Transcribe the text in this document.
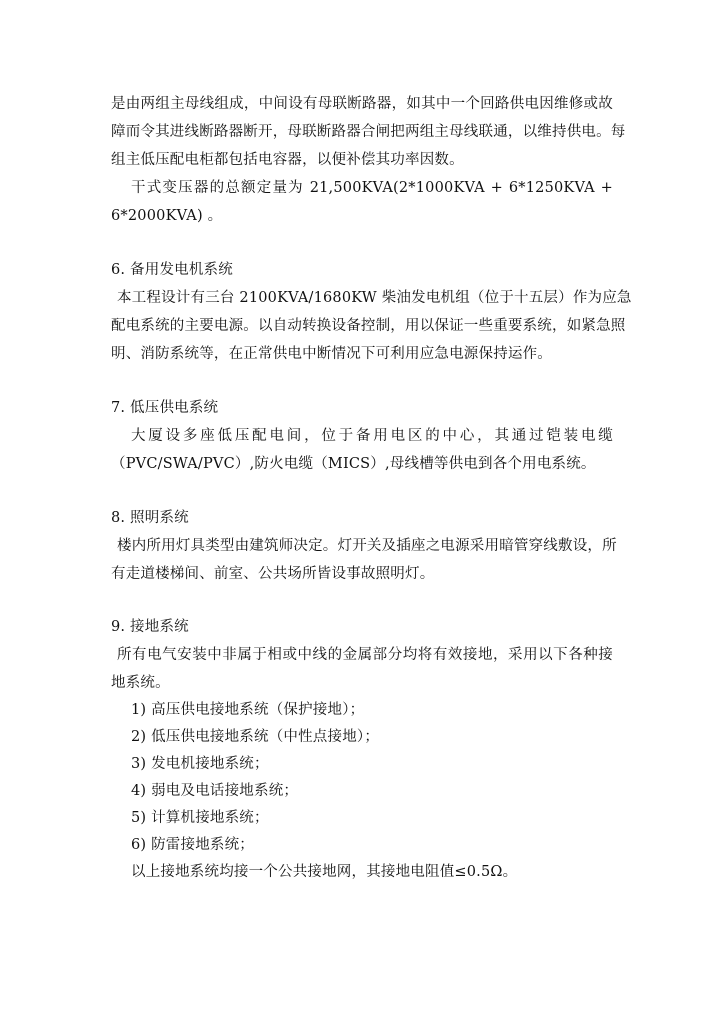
是由两组主母线组成，中间设有母联断路器，如其中一个回路供电因维修或故
障而令其进线断路器断开，母联断路器合闸把两组主母线联通，以维持供电。每
组主低压配电柜都包括电容器，以便补偿其功率因数。
干式变压器的总额定量为 21,500KVA(2*1000KVA + 6*1250KVA +
6*2000KVA) 。
6. 备用发电机系统
本工程设计有三台 2100KVA/1680KW 柴油发电机组（位于十五层）作为应急
配电系统的主要电源。以自动转换设备控制，用以保证一些重要系统，如紧急照
明、消防系统等，在正常供电中断情况下可利用应急电源保持运作。
7. 低压供电系统
大厦设多座低压配电间，位于备用电区的中心，其通过铠装电缆
（PVC/SWA/PVC）,防火电缆（MICS）,母线槽等供电到各个用电系统。
8. 照明系统
楼内所用灯具类型由建筑师决定。灯开关及插座之电源采用暗管穿线敷设，所
有走道楼梯间、前室、公共场所皆设事故照明灯。
9. 接地系统
所有电气安装中非属于相或中线的金属部分均将有效接地，采用以下各种接
地系统。
1) 高压供电接地系统（保护接地）；
2) 低压供电接地系统（中性点接地）；
3) 发电机接地系统；
4) 弱电及电话接地系统；
5) 计算机接地系统；
6) 防雷接地系统；
以上接地系统均接一个公共接地网，其接地电阻值≤0.5Ω。
